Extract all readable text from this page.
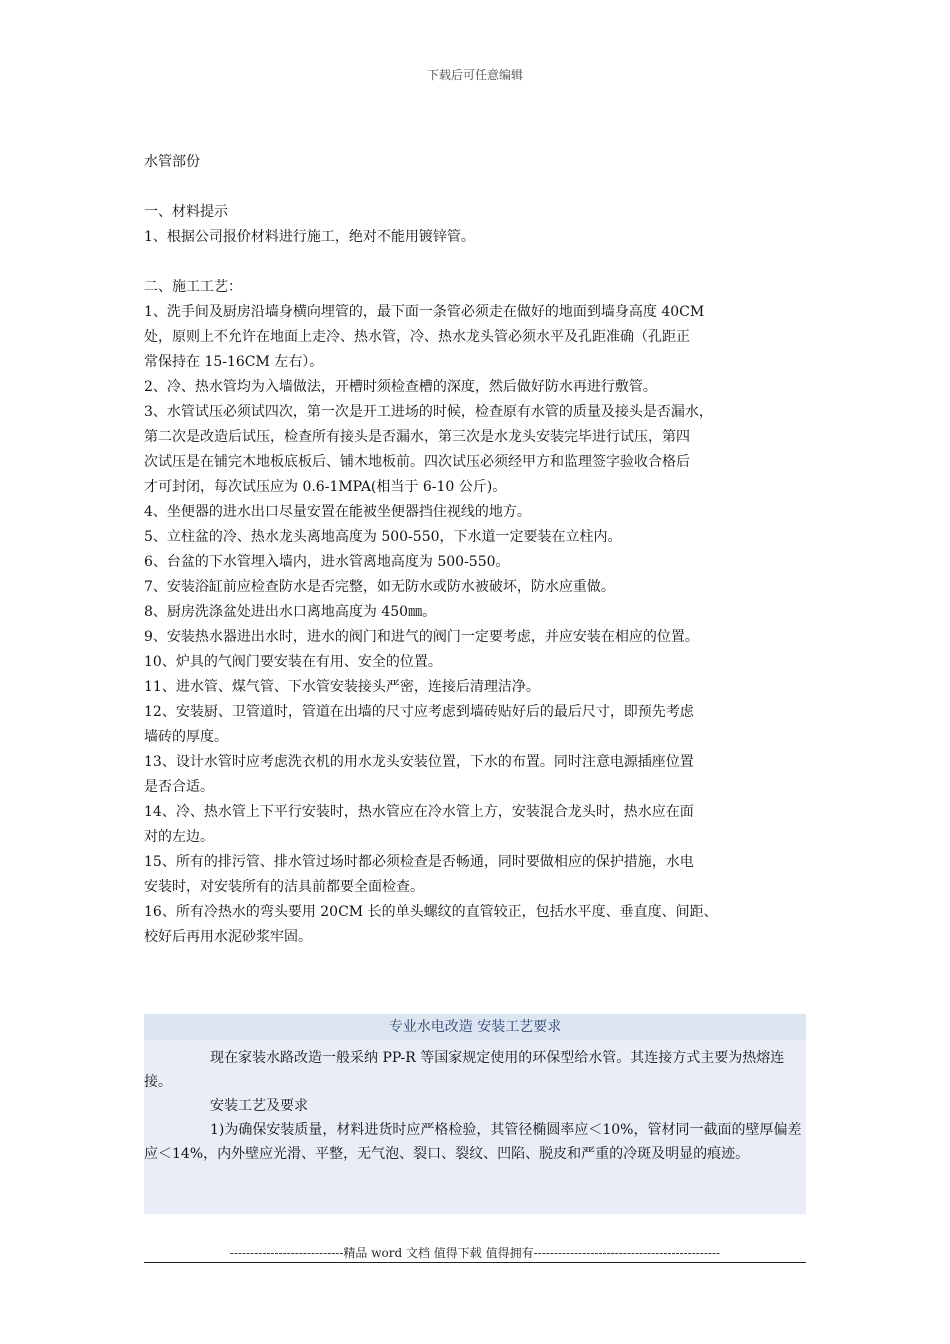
下载后可任意编辑

水管部份

一、材料提示

1、根据公司报价材料进行施工，绝对不能用镀锌管。

二、施工工艺：

1、洗手间及厨房沿墙身横向埋管的，最下面一条管必须走在做好的地面到墙身高度 40CM

处，原则上不允许在地面上走冷、热水管，冷、热水龙头管必须水平及孔距准确（孔距正

常保持在 15-16CM 左右）。

2、冷、热水管均为入墙做法，开槽时须检查槽的深度，然后做好防水再进行敷管。

3、水管试压必须试四次，第一次是开工进场的时候，检查原有水管的质量及接头是否漏水，

第二次是改造后试压，检查所有接头是否漏水，第三次是水龙头安装完毕进行试压，第四

次试压是在铺完木地板底板后、铺木地板前。四次试压必须经甲方和监理签字验收合格后

才可封闭，每次试压应为 0.6-1MPA(相当于 6-10 公斤)。

4、坐便器的进水出口尽量安置在能被坐便器挡住视线的地方。

5、立柱盆的冷、热水龙头离地高度为 500-550，下水道一定要装在立柱内。

6、台盆的下水管埋入墙内，进水管离地高度为 500-550。

7、安装浴缸前应检查防水是否完整，如无防水或防水被破坏，防水应重做。

8、厨房洗涤盆处进出水口离地高度为 450㎜。

9、安装热水器进出水时，进水的阀门和进气的阀门一定要考虑，并应安装在相应的位置。

10、炉具的气阀门要安装在有用、安全的位置。

11、进水管、煤气管、下水管安装接头严密，连接后清理洁净。

12、安装厨、卫管道时，管道在出墙的尺寸应考虑到墙砖贴好后的最后尺寸，即预先考虑

墙砖的厚度。

13、设计水管时应考虑洗衣机的用水龙头安装位置，下水的布置。同时注意电源插座位置

是否合适。

14、冷、热水管上下平行安装时，热水管应在冷水管上方，安装混合龙头时，热水应在面

对的左边。

15、所有的排污管、排水管过场时都必须检查是否畅通，同时要做相应的保护措施，水电

安装时，对安装所有的洁具前都要全面检查。

16、所有冷热水的弯头要用 20CM 长的单头螺纹的直管较正，包括水平度、垂直度、间距、

校好后再用水泥砂浆牢固。

专业水电改造 安装工艺要求

现在家装水路改造一般采纳 PP-R 等国家规定使用的环保型给水管。其连接方式主要为热熔连接。

安装工艺及要求

1)为确保安装质量，材料进货时应严格检验，其管径椭圆率应＜10%，管材同一截面的壁厚偏差应＜14%，内外壁应光滑、平整，无气泡、裂口、裂纹、凹陷、脱皮和严重的冷斑及明显的痕迹。

----------------------------精品 word 文档 值得下载 值得拥有----------------------------------------------
